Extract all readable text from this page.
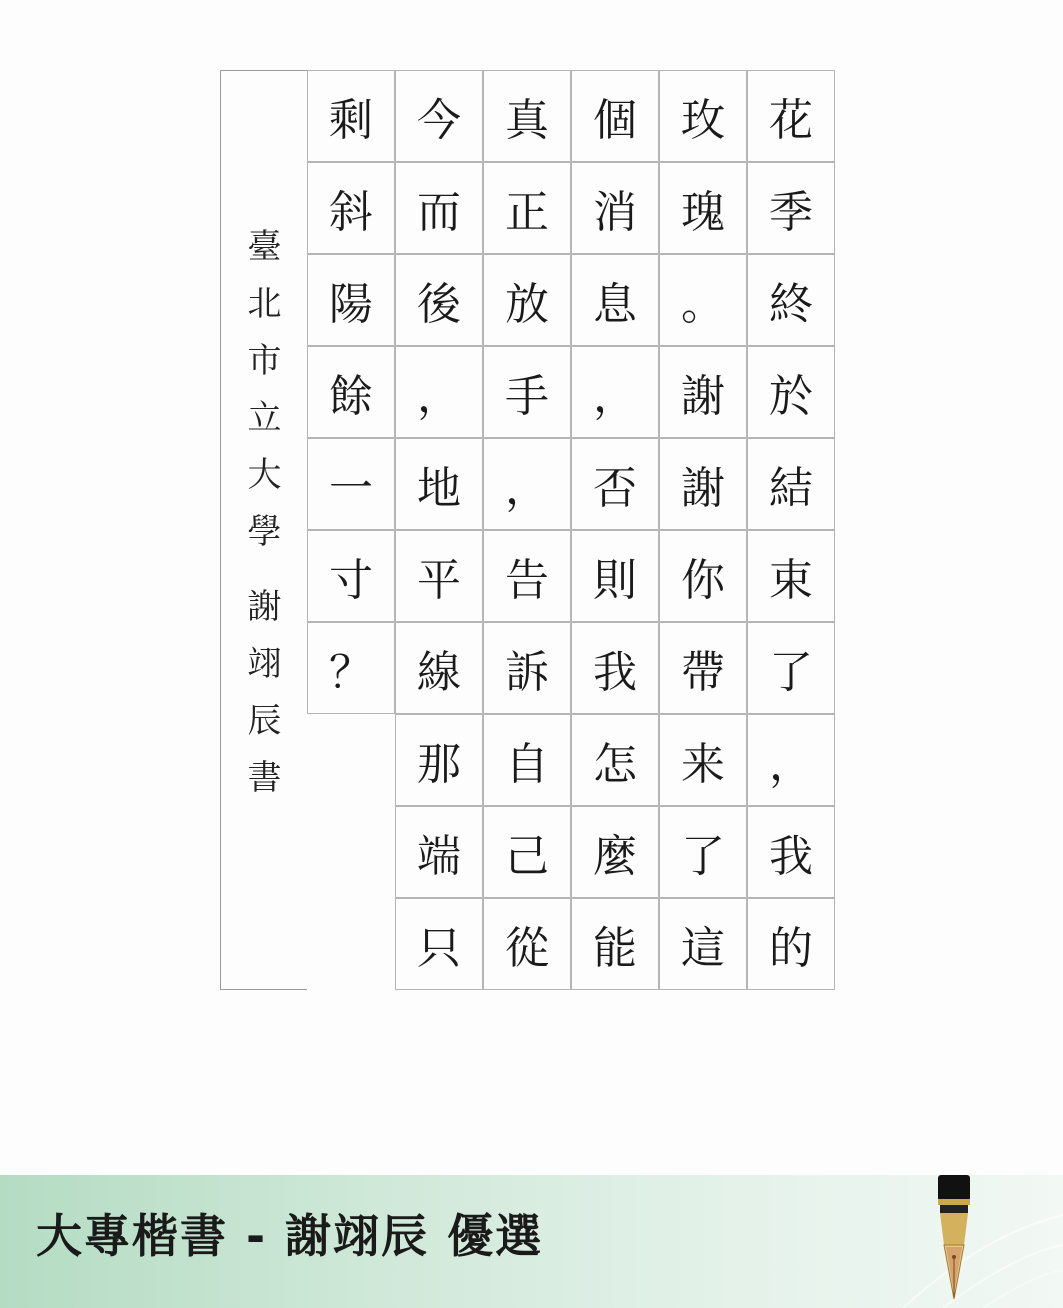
臺
北
市
立
大
學
謝
翊
辰
書
花
季
終
於
結
束
了
，
我
的
玫
瑰
。
謝
謝
你
帶
来
了
這
個
消
息
，
否
則
我
怎
麼
能
真
正
放
手
，
告
訴
自
己
從
今
而
後
，
地
平
線
那
端
只
剩
斜
陽
餘
一
寸
？
大專楷書 - 謝翊辰 優選
